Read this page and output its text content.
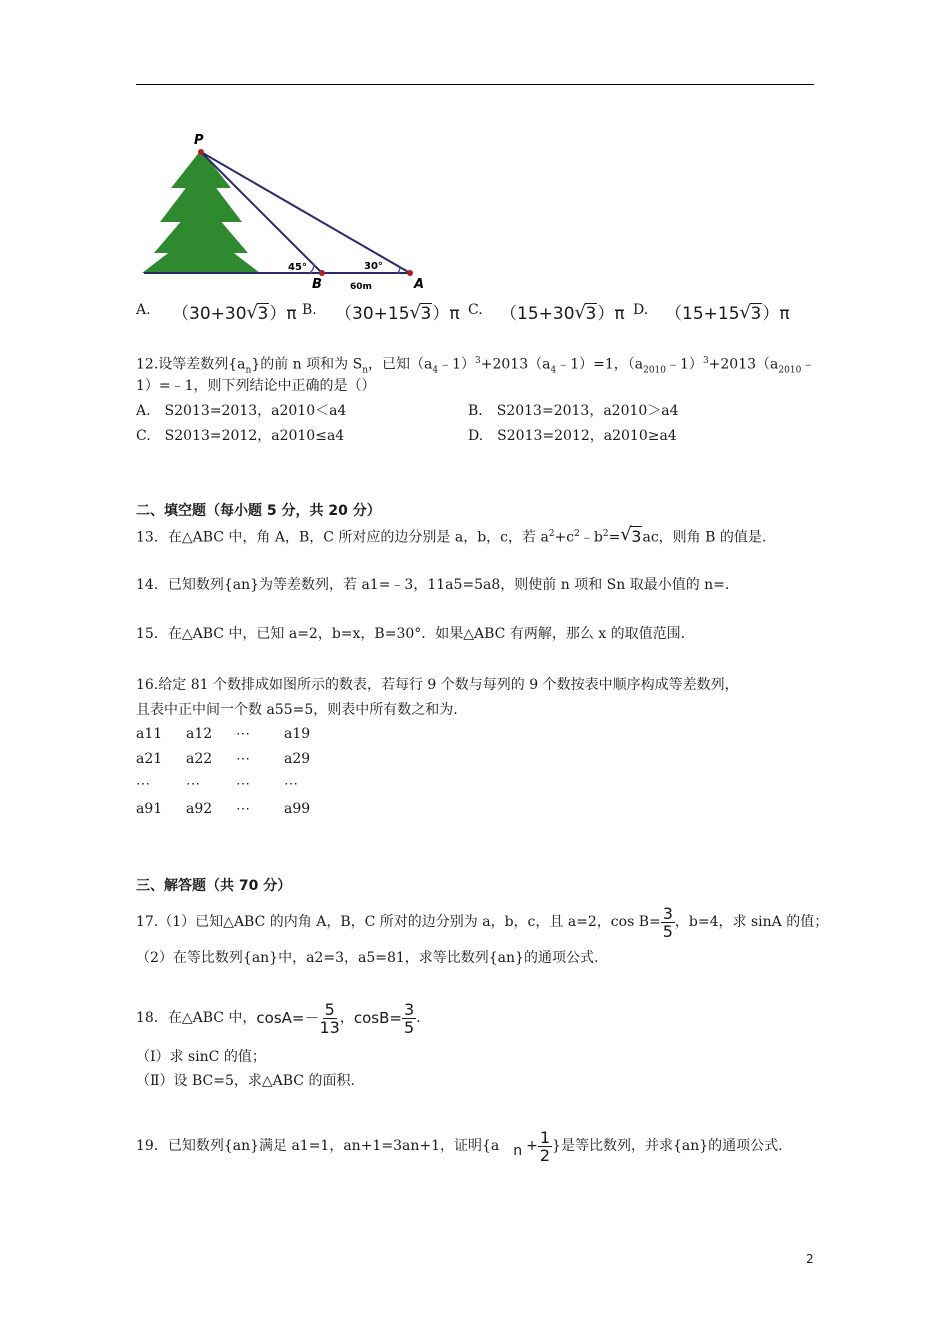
P
B	A
45°	30°
60m
A. （30+30 √ 3）π B. （30+15 √ 3）π C. （15+30 √ 3）π D. （15+15 √ 3）π
12.设等差数列$\{a_n\}$的前 n 项和为 $S_n$，已知$(a_4﹣1)^3+2013(a_4﹣1)=1$，$(a_{2010}﹣1)^3+2013(a_{2010}﹣$
1）=﹣1，则下列结论中正确的是（）
A.　S2013=2013，a2010＜a4	B.　S2013=2013，a2010＞a4
C.　S2013=2012，a2010≤a4	D.　S2013=2012，a2010≥a4
二、填空题（每小题 5 分，共 20 分）
13．在△ABC 中，角 A，B，C 所对应的边分别是 a，b，c，若 $a^2+c^2﹣b^2=$ √ 3ac，则角 B 的值是.
14．已知数列{an}为等差数列，若 a1=﹣3，11a5=5a8，则使前 n 项和 Sn 取最小值的 n=.
15．在△ABC 中，已知 a=2，b=x，B=30°．如果△ABC 有两解，那么 x 的取值范围.
16.给定 81 个数排成如图所示的数表，若每行 9 个数与每列的 9 个数按表中顺序构成等差数列，
且表中正中间一个数 a55=5，则表中所有数之和为.
a11 a12 ⋯ a19
a21 a22 ⋯ a29
⋯	⋯	⋯ ⋯
a91 a92 ⋯ a99
三、解答题（共 70 分）
17.（1）已知△ABC 的内角 A，B，C 所对的边分别为 a，b，c，且 a=2，$\cos B= \frac{3}{5}$ ，b=4，求 sinA 的值；
（2）在等比数列{an}中，a2=3，a5=81，求等比数列{an}的通项公式.
18．在△ABC 中， $\cos A=- \frac{5}{13}$ ， $\cos B= \frac{3}{5}$ .
（Ⅰ）求 sinC 的值；
（Ⅱ）设 BC=5，求△ABC 的面积.
19．已知数列{an}满足 a1=1，an+1=3an+1，证明{a $n + \frac{1}{2}$ }是等比数列，并求{an}的通项公式.
2
